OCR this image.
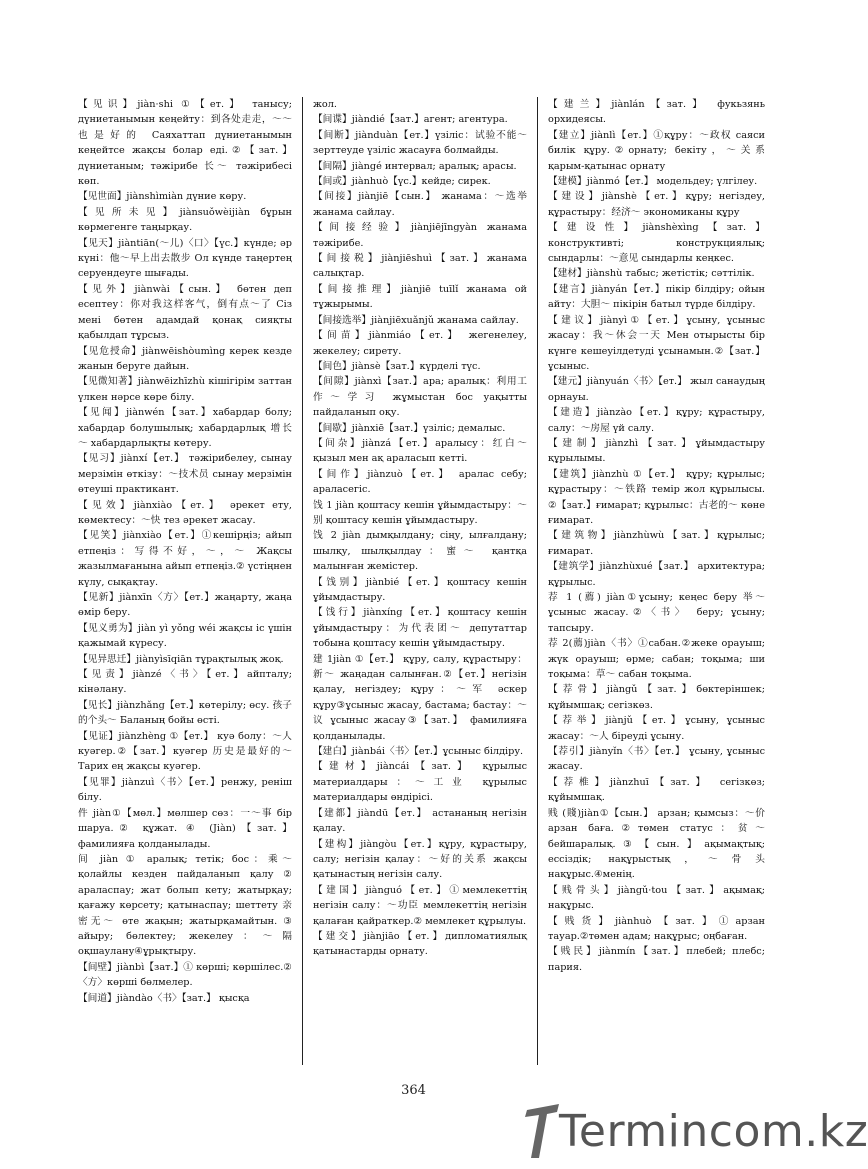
【见识】jiàn·shi ①【ет.】 танысу; дүниетанымын кеңейту：到各处走走，～～也是好的 Саяхаттап дүниетанымын кеңейтсе жақсы болар еді.②【зат.】дүниетаным; тәжірибе 长～ тәжірибесі көп.

【见世面】jiànshìmiàn дүние көру.

【见所未见】jiànsuǒwèijiàn бұрын көрмегенге таңырқау.

【见天】jiàntiān(～儿)〈口〉【үс.】күнде; әр күні：他～早上出去散步 Ол күнде таңертең серуендеуге шығады.

【见外】jiànwài【сын.】 бөтен деп есептеу：你对我这样客气，倒有点～了 Сіз мені бөтен адамдай қонақ сияқты қабылдап тұрсыз.

【见危授命】jiànwēishòumìng керек кезде жанын беруге дайын.

【见微知著】jiànwēizhīzhù кішігірім заттан үлкен нәрсе көре білу.

【见闻】jiànwén【зат.】хабардар болу; хабардар болушылық; хабардарлық 增长～ хабардарлықты көтеру.

【见习】jiànxí【ет.】 тәжірибелеу, сынау мерзімін өткізу：～技术员 сынау мерзімін өтеуші практикант.

【见效】jiànxiào【ет.】 әрекет ету, көмектесу：～快 тез әрекет жасау.

【见笑】jiànxiào【ет.】①кешірңіз; айып етпеңіз：写得不好，～，～ Жақсы жазылмағанына айып етпеңіз.② үстіңнен күлу, сықақтау.

【见新】jiànxīn〈方〉【ет.】жаңарту, жаңа өмір беру.

【见义勇为】jiàn yì yǒng wéi жақсы іс үшін қажымай күресу.

【见异思迁】jiànyìsīqiān тұрақтылық жоқ.

【见责】jiànzé〈书〉【ет.】айпталу; кінәлану.

【见长】jiànzhǎng【ет.】көтерілу; өсу. 孩子的个头～ Баланың бойы өсті.

【见证】jiànzhèng ①【ет.】 куә болу：～人 куәгер.②【зат.】куәгер 历史是最好的～ Тарих ең жақсы куәгер.

【见罪】jiànzuì〈书〉【ет.】ренжу, реніш білу.

件 jiàn①【мөл.】мөлшер сөз：一～事 бір шаруа.② құжат. ④ (Jiàn)【зат.】 фамилияға қолданылады.

间 jiàn ① аралық; тетік; бос：乘～ қолайлы кезден пайдаланып қалу ② араласпау; жат болып кету; жатырқау; қағажу көрсету; қатынаспау; шеттету 亲密无～ өте жақын; жатырқамайтын. ③ айыру; бөлектеу; жекелеу：～隔 оқшаулану④ұрықтыру.

【间壁】jiànbì【зат.】① көрші; көршілес.②〈方〉көрші бөлмелер.

【间道】jiàndào〈书〉【зат.】 қысқа

жол.

【间谍】jiàndié【зат.】агент; агентура.

【间断】jiànduàn【ет.】үзіліс：试验不能～ зерттеуде үзіліс жасауға болмайды.

【间隔】jiàngé интервал; аралық; арасы.

【间或】jiànhuò【үс.】кейде; сирек.

【间接】jiànjiē【сын.】 жанама：～选举 жанама сайлау.

【间接经验】jiànjiējīngyàn жанама тәжірибе.

【间接税】jiànjiēshuì【зат.】жанама салықтар.

【间接推理】jiànjiē tuīlǐ жанама ой тұжырымы.

【间接选举】jiànjiēxuǎnjǔ жанама сайлау.

【间苗】jiànmiáo【ет.】 жегенелеу, жекелеу; сирету.

【间色】jiànsè【зат.】күрделі түс.

【间隙】jiànxì【зат.】ара; аралық：利用工作～学习 жұмыстан бос уақытты пайдаланып оқу.

【间歇】jiànxiē【зат.】үзіліс; демалыс.

【间杂】jiànzá【ет.】аралысу：红白～ қызыл мен ақ араласып кетті.

【间作】jiànzuò【ет.】 аралас себу; араласегіс.

饯 1 jiàn қоштасу кешін ұйымдастыру：～别 қоштасу кешін ұйымдастыру.

饯 2 jiàn дымқылдану; сіңу, ылғалдану; шылқу, шылқылдау：蜜～ қантқа малынған жемістер.

【饯别】jiànbié【ет.】қоштасу кешін ұйымдастыру.

【饯行】jiànxíng【ет.】қоштасу кешін ұйымдастыру：为代表团～ депутаттар тобына қоштасу кешін ұйымдастыру.

建 1jiàn ①【ет.】 құру, салу, құрастыру：新～ жаңадан салынған.②【ет.】негізін қалау, негіздеу; құру：～军 әскер құру③ұсыныс жасау, бастама; бастау：～议 ұсыныс жасау③【зат.】 фамилияға қолданылады.

【建白】jiànbái〈书〉【ет.】ұсыныс білдіру.

【建材】jiàncái【зат.】 құрылыс материалдары：～工业 құрылыс материалдары өндірісі.

【建都】jiàndū【ет.】 астананың негізін қалау.

【建构】jiàngòu【ет.】құру, құрастыру, салу; негізін қалау：～好的关系 жақсы қатынастың негізін салу.

【建国】jiànguó【ет.】①мемлекеттің негізін салу：～功臣 мемлекеттің негізін қалаған қайраткер.② мемлекет құрылуы.

【建交】jiànjiāo【ет.】дипломатиялық қатынастарды орнату.

【建兰】jiànlán【зат.】 фукьзянь орхидеясы.

【建立】jiànlì【ет.】①құру：～政权 саяси билік құру.②орнату; бекіту，～关系 қарым-қатынас орнату

【建模】jiànmó【ет.】 модельдеу; үлгілеу.

【建设】jiànshè【ет.】құру; негіздеу, құрастыру：经济～ экономиканы құру

【建设性】jiànshèxìng【зат.】 конструктивті; конструкциялық; сындарлы：～意见 сындарлы кеңкес.

【建材】jiànshù табыс; жетістік; сәттілік.

【建言】jiànyán【ет.】пікір білдіру; ойын айту：大胆～ пікірін батыл түрде білдіру.

【建议】jiànyì①【ет.】ұсыну, ұсыныс жасау：我～休会一天 Мен отырысты бір күнге кешеуілдетуді ұсынамын.②【зат.】ұсыныс.

【建元】jiànyuán〈书〉【ет.】 жыл санаудың орнауы.

【建造】jiànzào【ет.】құру; құрастыру, салу：～房屋 үй салу.

【建制】jiànzhì【зат.】ұйымдастыру құрылымы.

【建筑】jiànzhù ①【ет.】 құру; құрылыс; құрастыру：～铁路 темір жол құрылысы. ②【зат.】ғимарат; құрылыс：古老的～ көне ғимарат.

【建筑物】jiànzhùwù【зат.】құрылыс; ғимарат.

【建筑学】jiànzhùxué【зат.】 архитектура; құрылыс.

荐 1 (薦) jiàn①ұсыну; кеңес беру 举～ ұсыныс жасау.②〈书〉 беру; ұсыну; тапсыру.

荐 2(薦)jiàn〈书〉①сабан.②жеке орауыш; жүк орауыш; өрме; сабан; тоқыма; ши тоқыма：草～ сабан тоқыма.

【荐骨】jiàngǔ【зат.】бөктеріншек; құйымшақ; сегізкөз.

【荐举】jiànjǔ【ет.】ұсыну, ұсыныс жасау：～人 біреуді ұсыну.

【荐引】jiànyǐn〈书〉【ет.】 ұсыну, ұсыныс жасау.

【荐椎】jiànzhuī【зат.】 сегізкөз; құйымшақ.

贱 (賤)jiàn①【сын.】 арзан; қымсыз：～价 арзан баға.②төмен статус：贫～ бейшаралық.③【сын.】ақымақтық; ессіздік; нақұрыстық，～骨头 нақұрыс.④менің.

【贱骨头】jiàngǔ·tou【зат.】ақымақ; нақұрыс.

【贱货】jiànhuò【зат.】①арзан тауар.②төмен адам; нақұрыс; оңбаған.

【贱民】jiànmín【зат.】плебей; плебс; пария.

364
Termincom.kz
